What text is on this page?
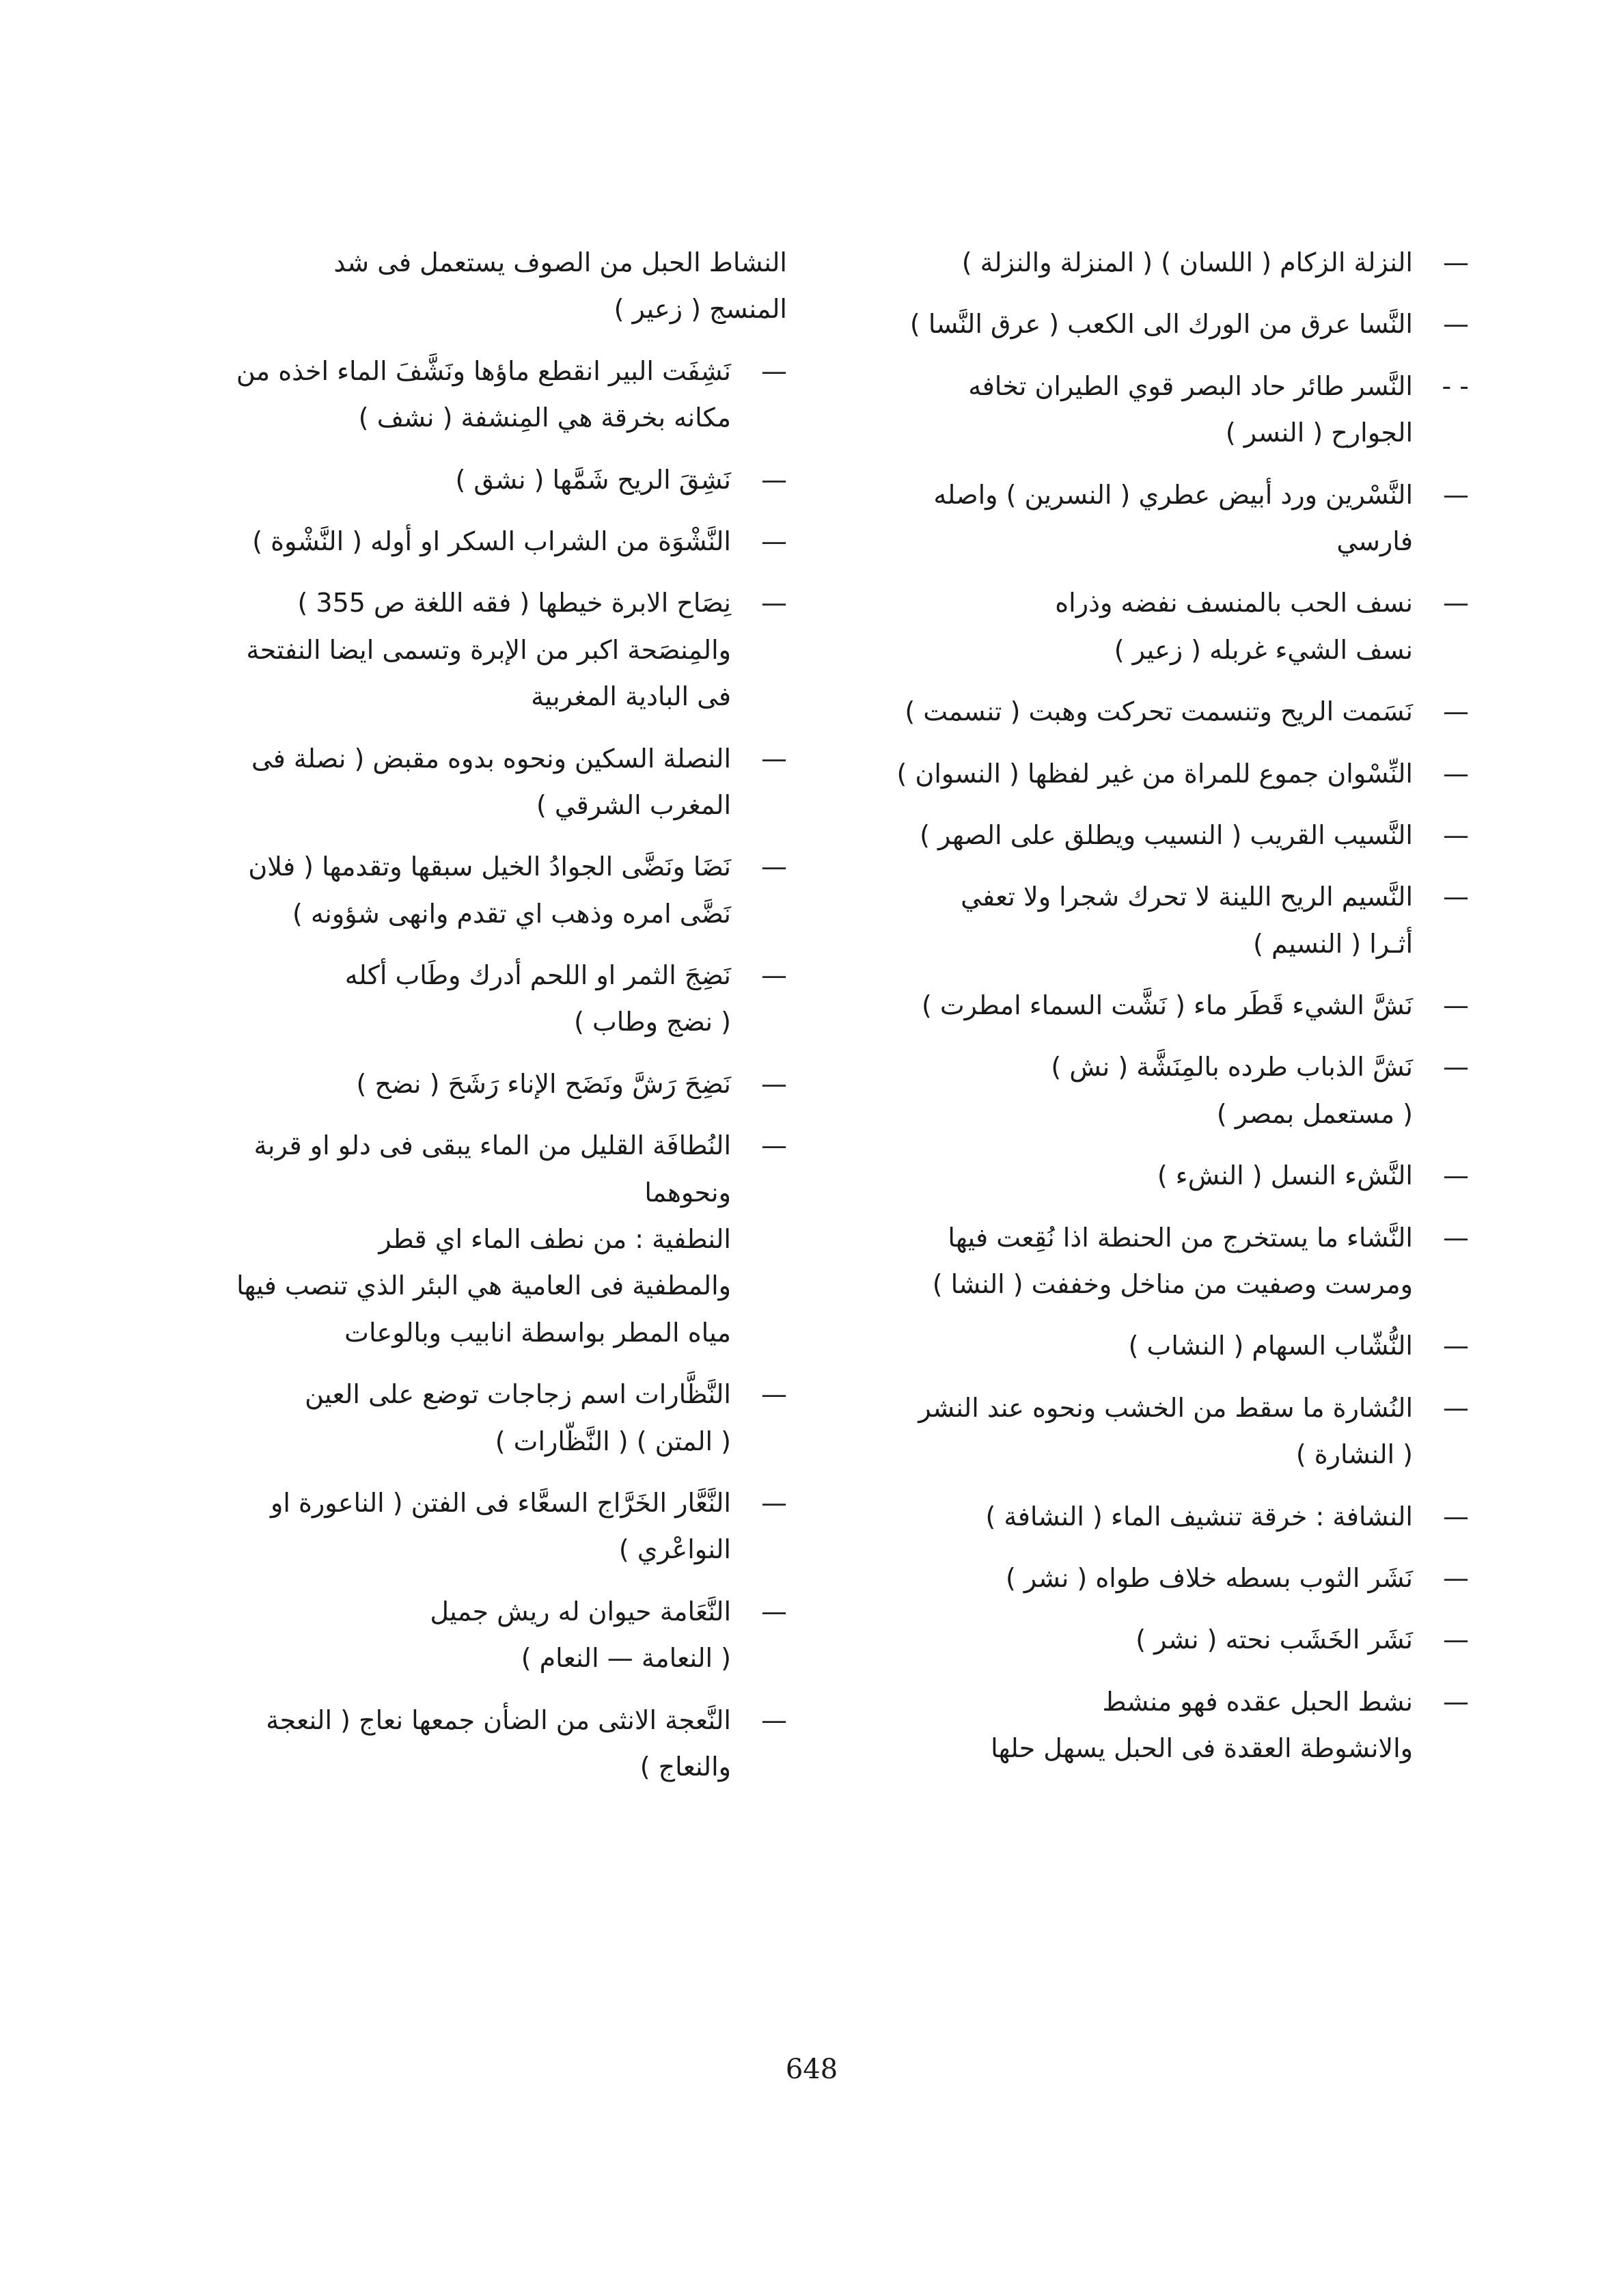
—
النزلة الزكام ( اللسان ) ( المنزلة والنزلة )
—
النَّسا عرق من الورك الى الكعب ( عرق النَّسا )
- -
النَّسر طائر حاد البصر قوي الطيران تخافه
الجوارح ( النسر )
—
النَّسْرين ورد أبيض عطري ( النسرين ) واصله
فارسي
—
نسف الحب بالمنسف نفضه وذراه
نسف الشيء غربله ( زعير )
—
نَسَمت الريح وتنسمت تحركت وهبت ( تنسمت )
—
النِّسْوان جموع للمراة من غير لفظها ( النسوان )
—
النَّسيب القريب ( النسيب ويطلق على الصهر )
—
النَّسيم الريح اللينة لا تحرك شجرا ولا تعفي
أثـرا ( النسيم )
—
نَشَّ الشيء قَطَر ماء ( نَشَّت السماء امطرت )
—
نَشَّ الذباب طرده بالمِنَشَّة ( نش )
( مستعمل بمصر )
—
النَّشء النسل ( النشء )
—
النَّشاء ما يستخرج من الحنطة اذا نُقِعت فيها
ومرست وصفيت من مناخل وخففت ( النشا )
—
النُّشّاب السهام ( النشاب )
—
النُشارة ما سقط من الخشب ونحوه عند النشر
( النشارة )
—
النشافة : خرقة تنشيف الماء ( النشافة )
—
نَشَر الثوب بسطه خلاف طواه ( نشر )
—
نَشَر الخَشَب نحته ( نشر )
—
نشط الحبل عقده فهو منشط
والانشوطة العقدة فى الحبل يسهل حلها
النشاط الحبل من الصوف يستعمل فى شد
المنسج ( زعير )
—
نَشِفَت البير انقطع ماؤها ونَشَّفَ الماء اخذه من
مكانه بخرقة هي المِنشفة ( نشف )
—
نَشِقَ الريح شَمَّها ( نشق )
—
النَّشْوَة من الشراب السكر او أوله ( النَّشْوة )
—
نِصَاح الابرة خيطها ( فقه اللغة ص 355 )
والمِنصَحة اكبر من الإبرة وتسمى ايضا النفتحة
فى البادية المغربية
—
النصلة السكين ونحوه بدوه مقبض ( نصلة فى
المغرب الشرقي )
—
نَضَا ونَضَّى الجوادُ الخيل سبقها وتقدمها ( فلان
نَضَّى امره وذهب اي تقدم وانهى شؤونه )
—
نَضِجَ الثمر او اللحم أدرك وطَاب أكله
( نضج وطاب )
—
نَضِحَ رَشَّ ونَضَح الإناء رَشَحَ ( نضح )
—
النُطافَة القليل من الماء يبقى فى دلو او قربة
ونحوهما
النطفية : من نطف الماء اي قطر
والمطفية فى العامية هي البئر الذي تنصب فيها
مياه المطر بواسطة انابيب وبالوعات
—
النَّظَّارات اسم زجاجات توضع على العين
( المتن ) ( النَّظّارات )
—
النَّعَّار الخَرَّاج السعَّاء فى الفتن ( الناعورة او
النواعْري )
—
النَّعَامة حيوان له ريش جميل
( النعامة — النعام )
—
النَّعجة الانثى من الضأن جمعها نعاج ( النعجة
والنعاج )
648
